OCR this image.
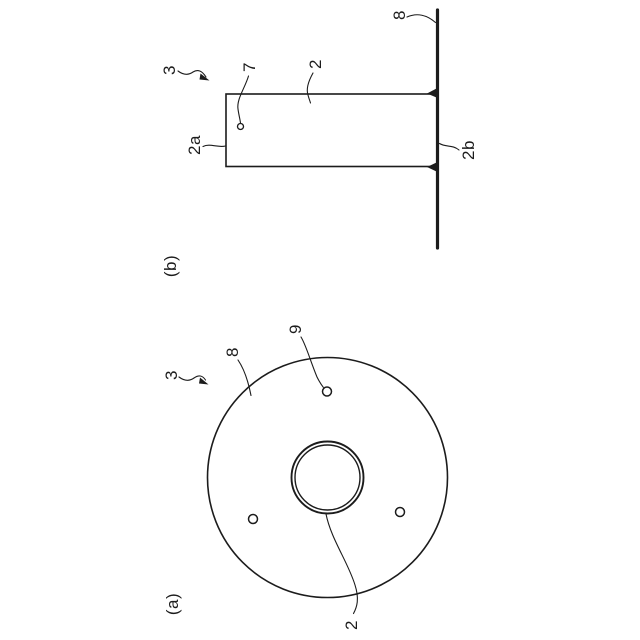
8
3	7	2
2a	2b
(b)
3
8
9
2
(a)
